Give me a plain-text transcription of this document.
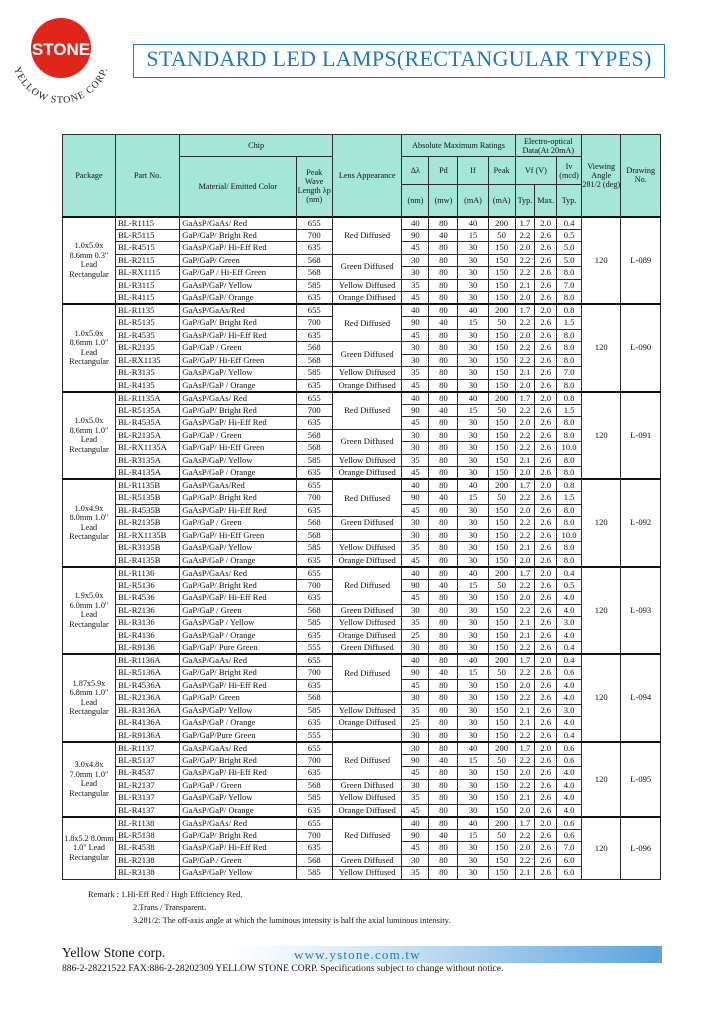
STONE
YELLOW STONE CORP.	STANDARD LED LAMPS(RECTANGULAR TYPES)
Package	Part No.	Chip		Lens Appearance	Absolute Maximum Ratings				Electro-optical Data(At 20mA)			Viewing Angle 2θ1/2 (deg)	Drawing No.
		Material/ Emitted Color	Peak Wave Length λp (nm)		Δλ	Pd	If	Peak	Vf (V)		Iv (mcd)		
					(nm)	(mw)	(mA)	(mA)	Typ.	Max.	Typ.		
1.0x5.0x 8.6mm 0.3" Lead Rectangular	BL-R1115	GaAsP/GaAs/ Red	655	Red Diffused	40	80	40	200	1.7	2.0	0.4	120	L-089
	BL-R5115	GaP/GaP/ Bright Red	700		90	40	15	50	2.2	2.6	0.5		
	BL-R4515	GaAsP/GaP/ Hi-Eff Red	635		45	80	30	150	2.0	2.6	5.0		
	BL-R2115	GaP/GaP/ Green	568	Green Diffused	30	80	30	150	2.2	2.6	5.0		
	BL-RX1115	GaP/GaP / Hi-Eff Green	568		30	80	30	150	2.2	2.6	8.0		
	BL-R3115	GaAsP/GaP/ Yellow	585	Yellow Diffused	35	80	30	150	2.1	2.6	7.0		
	BL-R4115	GaAsP/GaP/ Orange	635	Orange Diffused	45	80	30	150	2.0	2.6	8.0		
1.0x5.0x 8.6mm 1.0" Lead Rectangular	BL-R1135	GaAsP/GaAs/Red	655	Red Diffused	40	80	40	200	1.7	2.0	0.8	120	L-090
	BL-R5135	GaP/GaP/ Bright Red	700		90	40	15	50	2.2	2.6	1.5		
	BL-R4535	GaAsP/GaP/ Hi-Eff Red	635		45	80	30	150	2.0	2.6	8.0		
	BL-R2135	GaP/GaP / Green	568	Green Diffused	30	80	30	150	2.2	2.6	8.0		
	BL-RX1135	GaP/GaP/ Hi-Eff Green	568		30	80	30	150	2.2	2.6	8.0		
	BL-R3135	GaAsP/GaP/ Yellow	585	Yellow Diffused	35	80	30	150	2.1	2.6	7.0		
	BL-R4135	GaAsP/GaP / Orange	635	Orange Diffused	45	80	30	150	2.0	2.6	8.0		
1.0x5.0x 8.6mm 1.0" Lead Rectangular	BL-R1135A	GaAsP/GaAs/ Red	655	Red Diffused	40	80	40	200	1.7	2.0	0.8	120	L-091
	BL-R5135A	GaP/GaP/ Bright Red	700		90	40	15	50	2.2	2.6	1.5		
	BL-R4535A	GaAsP/GaP/ Hi-Eff Red	635		45	80	30	150	2.0	2.6	8.0		
	BL-R2135A	GaP/GaP / Green	568	Green Diffused	30	80	30	150	2.2	2.6	8.0		
	BL-RX1135A	GaP/GaP/ Hi-Eff Green	568		30	80	30	150	2.2	2.6	10.0		
	BL-R3135A	GaAsP/GaP/ Yellow	585	Yellow Diffused	35	80	30	150	2.1	2.6	8.0		
	BL-R4135A	GaAsP/GaP / Orange	635	Orange Diffused	45	80	30	150	2.0	2.6	8.0		
1.0x4.9x 8.0mm 1.0" Lead Rectangular	BL-R1135B	GaAsP/GaAs/Red	655	Red Diffused	40	80	40	200	1.7	2.0	0.8	120	L-092
	BL-R5135B	GaP/GaP/ Bright Red	700		90	40	15	50	2.2	2.6	1.5		
	BL-R4535B	GaAsP/GaP/ Hi-Eff Red	635		45	80	30	150	2.0	2.6	8.0		
	BL-R2135B	GaP/GaP / Green	568	Green Diffused	30	80	30	150	2.2	2.6	8.0		
	BL-RX1135B	GaP/GaP/ Hi-Eff Green	568		30	80	30	150	2.2	2.6	10.0		
	BL-R3135B	GaAsP/GaP/ Yellow	585	Yellow Diffused	35	80	30	150	2.1	2.6	8.0		
	BL-R4135B	GaAsP/GaP / Orange	635	Orange Diffused	45	80	30	150	2.0	2.6	8.0		
1.9x5.0x 6.0mm 1.0" Lead Rectangular	BL-R1136	GaAsP/GaAs/ Red	655	Red Diffused	40	80	40	200	1.7	2.0	0.4	120	L-093
	BL-R5136	GaP/GaP/ Bright Red	700		90	40	15	50	2.2	2.6	0.5		
	BL-R4536	GaAsP/GaP/ Hi-Eff Red	635		45	80	30	150	2.0	2.6	4.0		
	BL-R2136	GaP/GaP / Green	568	Green Diffused	30	80	30	150	2.2	2.6	4.0		
	BL-R3136	GaAsP/GaP / Yellow	585	Yellow Diffused	35	80	30	150	2.1	2.6	3.0		
	BL-R4136	GaAsP/GaP / Orange	635	Orange Diffused	25	80	30	150	2.1	2.6	4.0		
	BL-R9136	GaP/GaP/ Pure Green	555	Green Diffused	30	80	30	150	2.2	2.6	0.4		
1.87x5.9x 6.8mm 1.0" Lead Rectangular	BL-R1136A	GaAsP/GaAs/ Red	655	Red Diffused	40	80	40	200	1.7	2.0	0.4	120	L-094
	BL-R5136A	GaP/GaP/ Bright Red	700		90	40	15	50	2.2	2.6	0.6		
	BL-R4536A	GaAsP/GaP/ Hi-Eff Red	635		45	80	30	150	2.0	2.6	4.0		
	BL-R2136A	GaP/GaP/ Green	568		30	80	30	150	2.2	2.6	4.0		
	BL-R3136A	GaAsP/GaP/ Yellow	585	Yellow Diffused	35	80	30	150	2.1	2.6	3.0		
	BL-R4136A	GaAsP/GaP / Orange	635	Orange Diffused	25	80	30	150	2.1	2.6	4.0		
	BL-R9136A	GaP/GaP/Pure Green	555		30	80	30	150	2.2	2.6	0.4		
3.0x4.8x 7.0mm 1.0" Lead Rectangular	BL-R1137	GaAsP/GaAs/ Red	655	Red Diffused	30	80	40	200	1.7	2.0	0.6	120	L-095
	BL-R5137	GaP/GaP/ Bright Red	700		90	40	15	50	2.2	2.6	0.6		
	BL-R4537	GaAsP/GaP/ Hi-Eff Red	635		45	80	30	150	2.0	2.6	4.0		
	BL-R2137	GaP/GaP / Green	568	Green Diffused	30	80	30	150	2.2	2.6	4.0		
	BL-R3137	GaAsP/GaP/ Yellow	585	Yellow Diffused	35	80	30	150	2.1	2.6	4.0		
	BL-R4137	GaAsP/GaP/ Orange	635	Orange Diffused	45	80	30	150	2.0	2.6	4.0		
1.8x5.2 8.0mm 1.0" Lead Rectangular	BL-R1138	GaAsP/GaAs/ Red	655	Red Diffused	40	80	40	200	1.7	2.0	0.6	120	L-096
	BL-R5138	GaP/GaP/ Bright Red	700		90	40	15	50	2.2	2.6	0.6		
	BL-R4538	GaAsP/GaP/ Hi-Eff Red	635		45	80	30	150	2.0	2.6	7.0		
	BL-R2138	GaP/GaP / Green	568	Green Diffused	30	80	30	150	2.2	2.6	6.0		
	BL-R3138	GaAsP/GaP/ Yellow	585	Yellow Diffused	35	80	30	150	2.1	2.6	6.0		
Remark : 1.Hi-Eff Red / High Efficiency Red.
2.Trans / Transparent.
3.2θ1/2: The off-axis angle at which the luminous intensity is half the axial luminous intensity.
Yellow Stone corp.	www.ystone.com.tw
886-2-28221522 FAX:886-2-28202309 YELLOW STONE CORP. Specifications subject to change without notice.
